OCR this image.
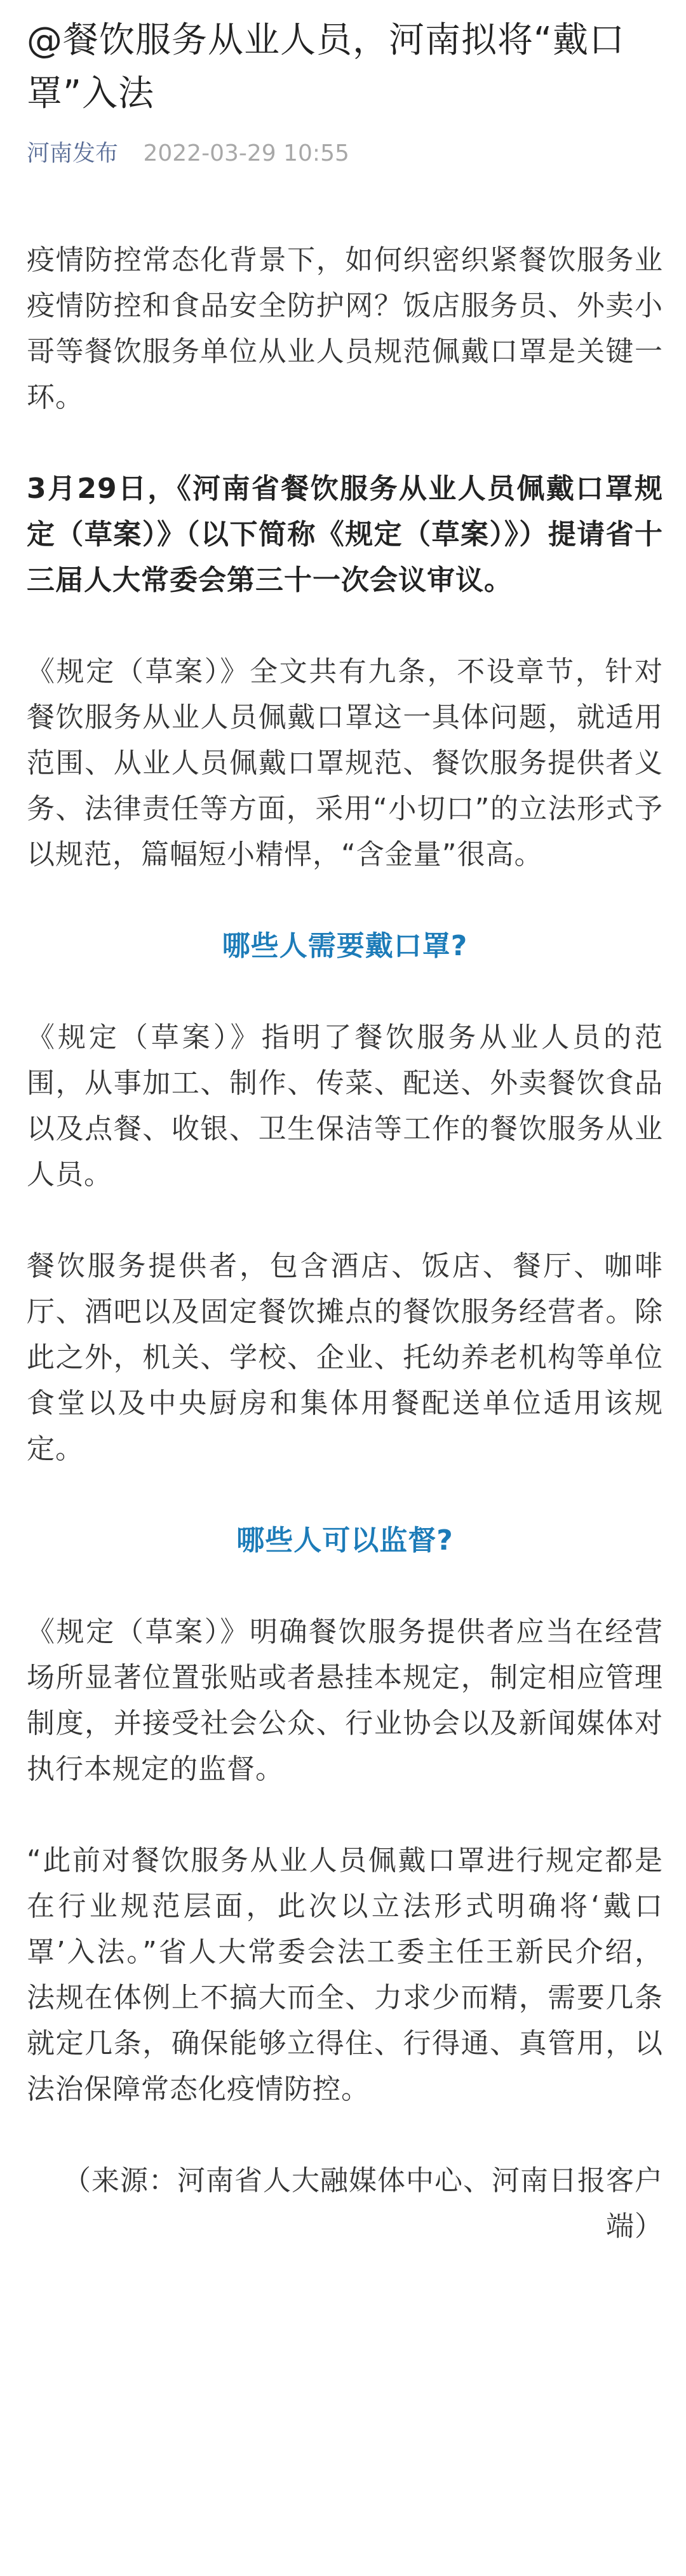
@餐饮服务从业人员，河南拟将“戴口罩”入法
河南发布 2022-03-29 10:55

疫情防控常态化背景下，如何织密织紧餐饮服务业疫情防控和食品安全防护网？饭店服务员、外卖小哥等餐饮服务单位从业人员规范佩戴口罩是关键一环。

3月29日，《河南省餐饮服务从业人员佩戴口罩规定（草案）》（以下简称《规定（草案）》）提请省十三届人大常委会第三十一次会议审议。

《规定（草案）》全文共有九条，不设章节，针对餐饮服务从业人员佩戴口罩这一具体问题，就适用范围、从业人员佩戴口罩规范、餐饮服务提供者义务、法律责任等方面，采用“小切口”的立法形式予以规范，篇幅短小精悍，“含金量”很高。

哪些人需要戴口罩?

《规定（草案）》指明了餐饮服务从业人员的范围，从事加工、制作、传菜、配送、外卖餐饮食品以及点餐、收银、卫生保洁等工作的餐饮服务从业人员。

餐饮服务提供者，包含酒店、饭店、餐厅、咖啡厅、酒吧以及固定餐饮摊点的餐饮服务经营者。除此之外，机关、学校、企业、托幼养老机构等单位食堂以及中央厨房和集体用餐配送单位适用该规定。

哪些人可以监督?

《规定（草案）》明确餐饮服务提供者应当在经营场所显著位置张贴或者悬挂本规定，制定相应管理制度，并接受社会公众、行业协会以及新闻媒体对执行本规定的监督。

“此前对餐饮服务从业人员佩戴口罩进行规定都是在行业规范层面，此次以立法形式明确将‘戴口罩’入法。”省人大常委会法工委主任王新民介绍，法规在体例上不搞大而全、力求少而精，需要几条就定几条，确保能够立得住、行得通、真管用，以法治保障常态化疫情防控。

（来源：河南省人大融媒体中心、河南日报客户端）
